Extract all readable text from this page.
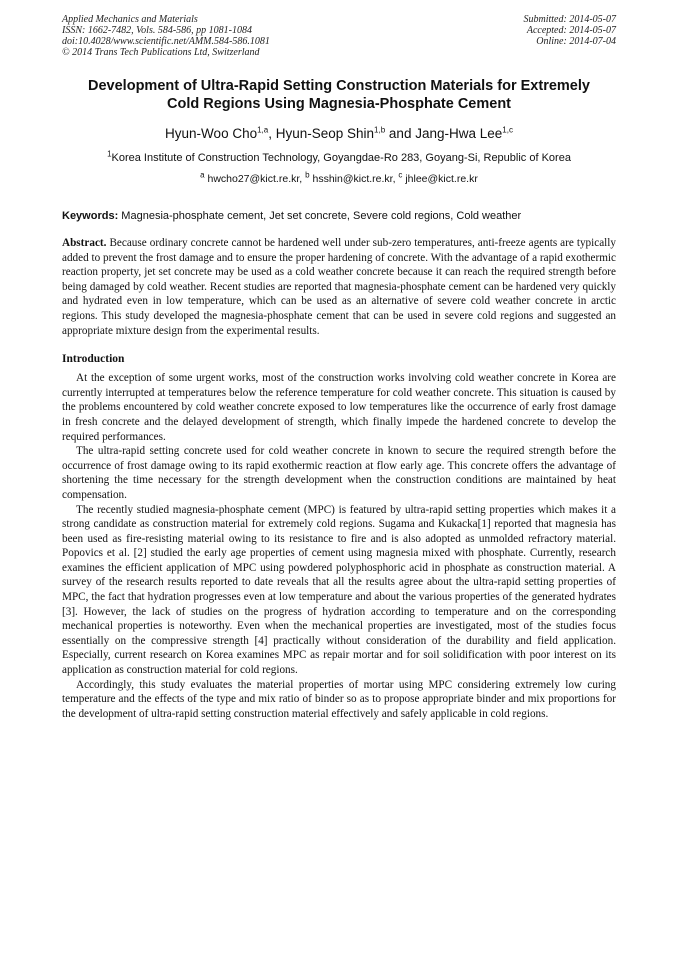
Applied Mechanics and Materials
ISSN: 1662-7482, Vols. 584-586, pp 1081-1084
doi:10.4028/www.scientific.net/AMM.584-586.1081
© 2014 Trans Tech Publications Ltd, Switzerland
Submitted: 2014-05-07
Accepted: 2014-05-07
Online: 2014-07-04
Development of Ultra-Rapid Setting Construction Materials for Extremely
Cold Regions Using Magnesia-Phosphate Cement
Hyun-Woo Cho$^{1,a}$, Hyun-Seop Shin$^{1,b}$ and Jang-Hwa Lee$^{1,c}$
$^1$Korea Institute of Construction Technology, Goyangdae-Ro 283, Goyang-Si, Republic of Korea
$^a$ hwcho27@kict.re.kr, $^b$ hsshin@kict.re.kr, $^c$ jhlee@kict.re.kr
Keywords: Magnesia-phosphate cement, Jet set concrete, Severe cold regions, Cold weather
Abstract. Because ordinary concrete cannot be hardened well under sub-zero temperatures, anti-freeze agents are typically added to prevent the frost damage and to ensure the proper hardening of concrete. With the advantage of a rapid exothermic reaction property, jet set concrete may be used as a cold weather concrete because it can reach the required strength before being damaged by cold weather. Recent studies are reported that magnesia-phosphate cement can be hardened very quickly and hydrated even in low temperature, which can be used as an alternative of severe cold weather concrete in arctic regions. This study developed the magnesia-phosphate cement that can be used in severe cold regions and suggested an appropriate mixture design from the experimental results.
Introduction

At the exception of some urgent works, most of the construction works involving cold weather concrete in Korea are currently interrupted at temperatures below the reference temperature for cold weather concrete. This situation is caused by the problems encountered by cold weather concrete exposed to low temperatures like the occurrence of early frost damage in fresh concrete and the delayed development of strength, which finally impede the hardened concrete to develop the required performances.

The ultra-rapid setting concrete used for cold weather concrete in known to secure the required strength before the occurrence of frost damage owing to its rapid exothermic reaction at flow early age. This concrete offers the advantage of shortening the time necessary for the strength development when the construction conditions are maintained by heat compensation.

The recently studied magnesia-phosphate cement (MPC) is featured by ultra-rapid setting properties which makes it a strong candidate as construction material for extremely cold regions. Sugama and Kukacka[1] reported that magnesia has been used as fire-resisting material owing to its resistance to fire and is also adopted as unmolded refractory material. Popovics et al. [2] studied the early age properties of cement using magnesia mixed with phosphate. Currently, research examines the efficient application of MPC using powdered polyphosphoric acid in phosphate as construction material. A survey of the research results reported to date reveals that all the results agree about the ultra-rapid setting properties of MPC, the fact that hydration progresses even at low temperature and about the various properties of the generated hydrates [3]. However, the lack of studies on the progress of hydration according to temperature and on the corresponding mechanical properties is noteworthy. Even when the mechanical properties are investigated, most of the studies focus essentially on the compressive strength [4] practically without consideration of the durability and field application. Especially, current research on Korea examines MPC as repair mortar and for soil solidification with poor interest on its application as construction material for cold regions.

Accordingly, this study evaluates the material properties of mortar using MPC considering extremely low curing temperature and the effects of the type and mix ratio of binder so as to propose appropriate binder and mix proportions for the development of ultra-rapid setting construction material effectively and safely applicable in cold regions.
